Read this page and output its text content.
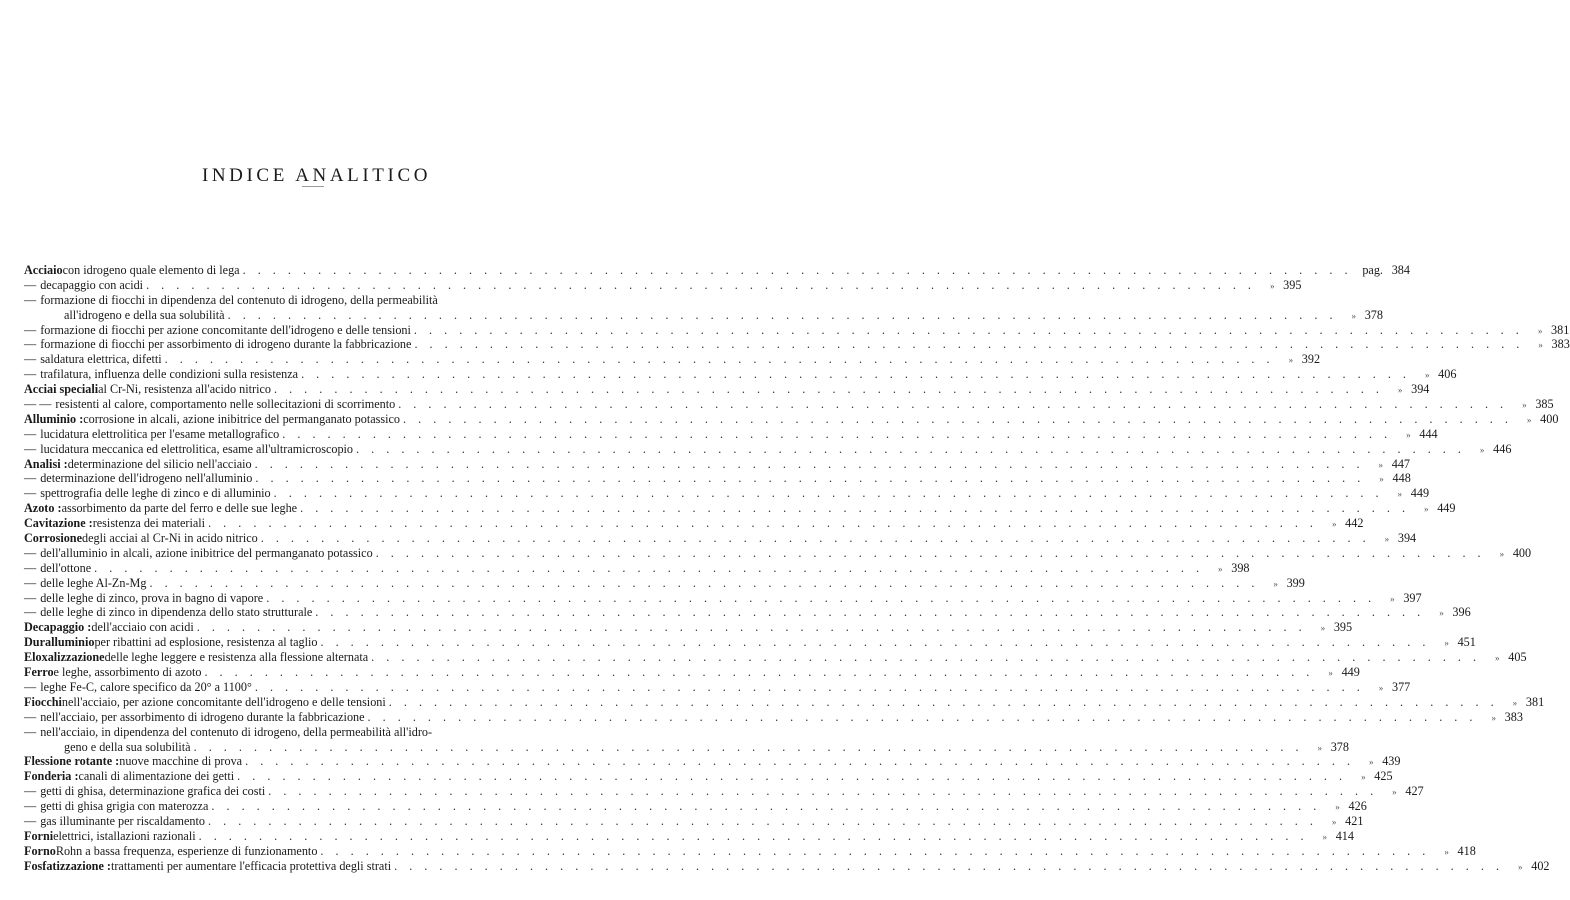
INDICE ANALITICO
Acciaio con idrogeno quale elemento di lega . . .	pag. 384
— decapaggio con acidi . . .	» 395
— formazione di fiocchi in dipendenza del contenuto di idrogeno, della permeabilità
all'idrogeno e della sua solubilità . . .	» 378
— formazione di fiocchi per azione concomitante dell'idrogeno e delle tensioni . . .	» 381
— formazione di fiocchi per assorbimento di idrogeno durante la fabbricazione . . .	» 383
— saldatura elettrica, difetti . . .	» 392
— trafilatura, influenza delle condizioni sulla resistenza . . .	» 406
Acciai speciali al Cr-Ni, resistenza all'acido nitrico . . .	» 394
— — resistenti al calore, comportamento nelle sollecitazioni di scorrimento . . .	» 385
Alluminio : corrosione in alcali, azione inibitrice del permanganato potassico . . .	» 400
— lucidatura elettrolitica per l'esame metallografico . . .	» 444
— lucidatura meccanica ed elettrolitica, esame all'ultramicroscopio . . .	» 446
Analisi : determinazione del silicio nell'acciaio . . .	» 447
— determinazione dell'idrogeno nell'alluminio . . .	» 448
— spettrografia delle leghe di zinco e di alluminio . . .	» 449
Azoto : assorbimento da parte del ferro e delle sue leghe . . .	» 449
Cavitazione : resistenza dei materiali . . .	» 442
Corrosione degli acciai al Cr-Ni in acido nitrico . . .	» 394
— dell'alluminio in alcali, azione inibitrice del permanganato potassico . . .	» 400
— dell'ottone . . .	» 398
— delle leghe Al-Zn-Mg . . .	» 399
— delle leghe di zinco, prova in bagno di vapore . . .	» 397
— delle leghe di zinco in dipendenza dello stato strutturale . . .	» 396
Decapaggio : dell'acciaio con acidi . . .	» 395
Duralluminio per ribattini ad esplosione, resistenza al taglio . . .	» 451
Eloxalizzazione delle leghe leggere e resistenza alla flessione alternata . . .	» 405
Ferro e leghe, assorbimento di azoto . . .	» 449
— leghe Fe-C, calore specifico da 20° a 1100° . . .	» 377
Fiocchi nell'acciaio, per azione concomitante dell'idrogeno e delle tensioni . . .	» 381
— nell'acciaio, per assorbimento di idrogeno durante la fabbricazione . . .	» 383
— nell'acciaio, in dipendenza del contenuto di idrogeno, della permeabilità all'idro-
geno e della sua solubilità . . .	» 378
Flessione rotante : nuove macchine di prova . . .	» 439
Fonderia : canali di alimentazione dei getti . . .	» 425
— getti di ghisa, determinazione grafica dei costi . . .	» 427
— getti di ghisa grigia con materozza . . .	» 426
— gas illuminante per riscaldamento . . .	» 421
Forni elettrici, istallazioni razionali . . .	» 414
Forno Rohn a bassa frequenza, esperienze di funzionamento . . .	» 418
Fosfatizzazione : trattamenti per aumentare l'efficacia protettiva degli strati . . .	» 402
